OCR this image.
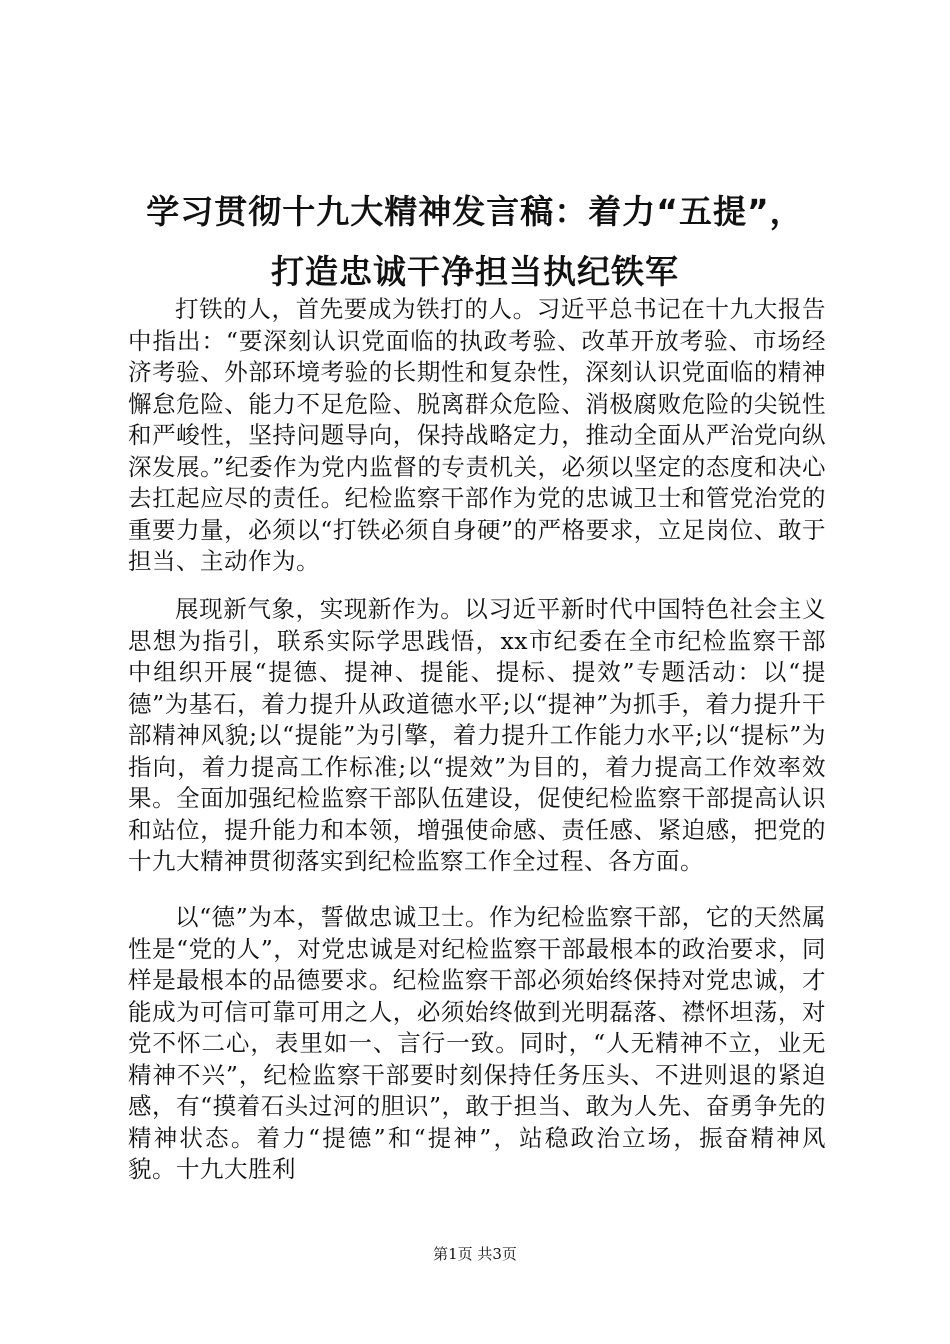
学习贯彻十九大精神发言稿：着力“五提”，
打造忠诚干净担当执纪铁军

打铁的人，首先要成为铁打的人。习近平总书记在十九大报告中指出：“要深刻认识党面临的执政考验、改革开放考验、市场经济考验、外部环境考验的长期性和复杂性，深刻认识党面临的精神懈怠危险、能力不足危险、脱离群众危险、消极腐败危险的尖锐性和严峻性，坚持问题导向，保持战略定力，推动全面从严治党向纵深发展。”纪委作为党内监督的专责机关，必须以坚定的态度和决心去扛起应尽的责任。纪检监察干部作为党的忠诚卫士和管党治党的重要力量，必须以“打铁必须自身硬”的严格要求，立足岗位、敢于担当、主动作为。

展现新气象，实现新作为。以习近平新时代中国特色社会主义思想为指引，联系实际学思践悟，xx市纪委在全市纪检监察干部中组织开展“提德、提神、提能、提标、提效”专题活动：以“提德”为基石，着力提升从政道德水平;以“提神”为抓手，着力提升干部精神风貌;以“提能”为引擎，着力提升工作能力水平;以“提标”为指向，着力提高工作标准;以“提效”为目的，着力提高工作效率效果。全面加强纪检监察干部队伍建设，促使纪检监察干部提高认识和站位，提升能力和本领，增强使命感、责任感、紧迫感，把党的十九大精神贯彻落实到纪检监察工作全过程、各方面。

以“德”为本，誓做忠诚卫士。作为纪检监察干部，它的天然属性是“党的人”，对党忠诚是对纪检监察干部最根本的政治要求，同样是最根本的品德要求。纪检监察干部必须始终保持对党忠诚，才能成为可信可靠可用之人，必须始终做到光明磊落、襟怀坦荡，对党不怀二心，表里如一、言行一致。同时，“人无精神不立，业无精神不兴”，纪检监察干部要时刻保持任务压头、不进则退的紧迫感，有“摸着石头过河的胆识”，敢于担当、敢为人先、奋勇争先的精神状态。着力“提德”和“提神”，站稳政治立场，振奋精神风貌。十九大胜利

第1页 共3页
